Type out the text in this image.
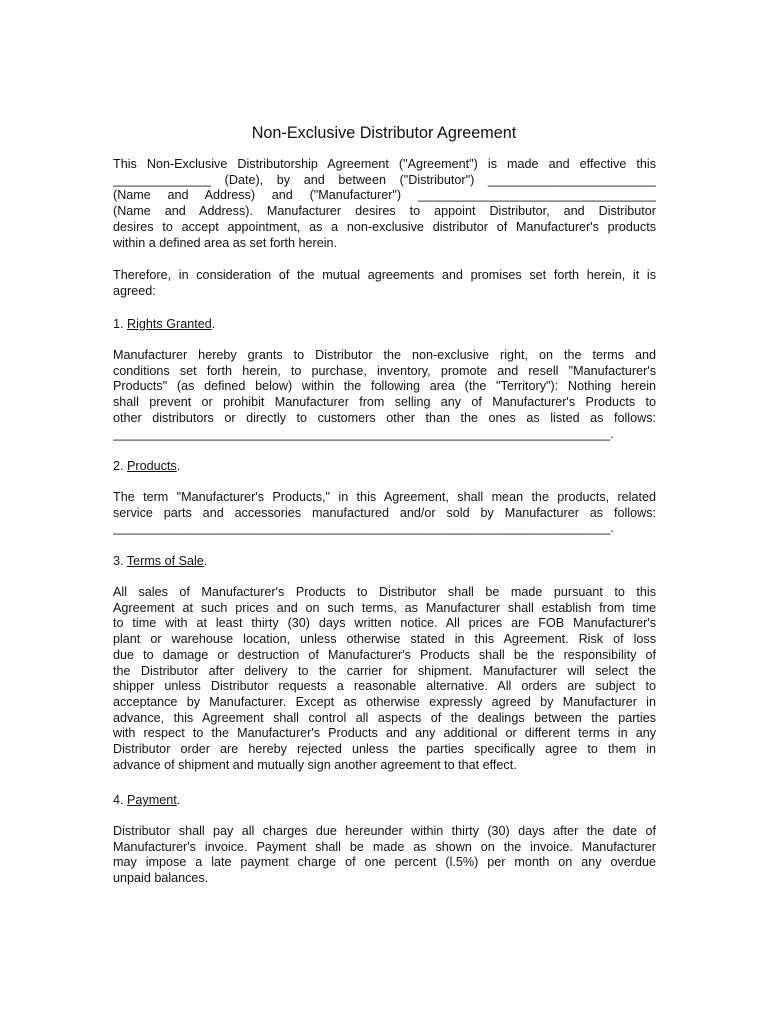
Non-Exclusive Distributor Agreement
This Non-Exclusive Distributorship Agreement ("Agreement") is made and effective this
______________ (Date), by and between ("Distributor") ________________________
(Name and Address) and ("Manufacturer") __________________________________
(Name and Address). Manufacturer desires to appoint Distributor, and Distributor
desires to accept appointment, as a non-exclusive distributor of Manufacturer's products
within a defined area as set forth herein.
Therefore, in consideration of the mutual agreements and promises set forth herein, it is
agreed:
1. Rights Granted.
Manufacturer hereby grants to Distributor the non-exclusive right, on the terms and
conditions set forth herein, to purchase, inventory, promote and resell "Manufacturer's
Products" (as defined below) within the following area (the "Territory"): Nothing herein
shall prevent or prohibit Manufacturer from selling any of Manufacturer's Products to
other distributors or directly to customers other than the ones as listed as follows:
_______________________________________________________________________.
2. Products.
The term "Manufacturer's Products," in this Agreement, shall mean the products, related
service parts and accessories manufactured and/or sold by Manufacturer as follows:
_______________________________________________________________________.
3. Terms of Sale.
All sales of Manufacturer's Products to Distributor shall be made pursuant to this
Agreement at such prices and on such terms, as Manufacturer shall establish from time
to time with at least thirty (30) days written notice. All prices are FOB Manufacturer's
plant or warehouse location, unless otherwise stated in this Agreement. Risk of loss
due to damage or destruction of Manufacturer's Products shall be the responsibility of
the Distributor after delivery to the carrier for shipment. Manufacturer will select the
shipper unless Distributor requests a reasonable alternative. All orders are subject to
acceptance by Manufacturer. Except as otherwise expressly agreed by Manufacturer in
advance, this Agreement shall control all aspects of the dealings between the parties
with respect to the Manufacturer's Products and any additional or different terms in any
Distributor order are hereby rejected unless the parties specifically agree to them in
advance of shipment and mutually sign another agreement to that effect.
4. Payment.
Distributor shall pay all charges due hereunder within thirty (30) days after the date of
Manufacturer's invoice. Payment shall be made as shown on the invoice. Manufacturer
may impose a late payment charge of one percent (l.5%) per month on any overdue
unpaid balances.
